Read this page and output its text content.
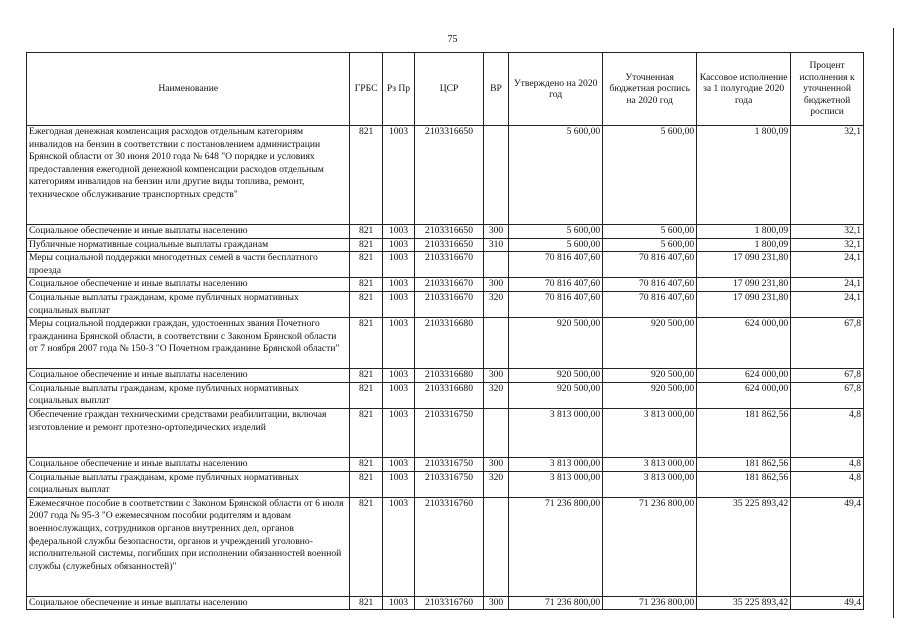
75
Наименование	ГРБС	Рз Пр	ЦСР	ВР	Утверждено на 2020 год	Уточненная бюджетная роспись на 2020 год	Кассовое исполнение за 1 полугодие 2020 года	Процент исполнения к уточненной бюджетной росписи
Ежегодная денежная компенсация расходов отдельным категориям инвалидов на бензин в соответствии с постановлением администрации Брянской области от 30 июня 2010 года № 648 "О порядке и условиях предоставления ежегодной денежной компенсации расходов отдельным категориям инвалидов на бензин или другие виды топлива, ремонт, техническое обслуживание транспортных средств"	821	1003	2103316650		5 600,00	5 600,00	1 800,09	32,1
Социальное обеспечение и иные выплаты населению	821	1003	2103316650	300	5 600,00	5 600,00	1 800,09	32,1
Публичные нормативные социальные выплаты гражданам	821	1003	2103316650	310	5 600,00	5 600,00	1 800,09	32,1
Меры социальной поддержки многодетных семей в части бесплатного проезда	821	1003	2103316670		70 816 407,60	70 816 407,60	17 090 231,80	24,1
Социальное обеспечение и иные выплаты населению	821	1003	2103316670	300	70 816 407,60	70 816 407,60	17 090 231,80	24,1
Социальные выплаты гражданам, кроме публичных нормативных социальных выплат	821	1003	2103316670	320	70 816 407,60	70 816 407,60	17 090 231,80	24,1
Меры социальной поддержки граждан, удостоенных звания Почетного гражданина Брянской области, в соответствии с Законом Брянской области от 7 ноября 2007 года № 150-З "О Почетном гражданине Брянской области"	821	1003	2103316680		920 500,00	920 500,00	624 000,00	67,8
Социальное обеспечение и иные выплаты населению	821	1003	2103316680	300	920 500,00	920 500,00	624 000,00	67,8
Социальные выплаты гражданам, кроме публичных нормативных социальных выплат	821	1003	2103316680	320	920 500,00	920 500,00	624 000,00	67,8
Обеспечение граждан техническими средствами реабилитации, включая изготовление и ремонт протезно-ортопедических изделий	821	1003	2103316750		3 813 000,00	3 813 000,00	181 862,56	4,8
Социальное обеспечение и иные выплаты населению	821	1003	2103316750	300	3 813 000,00	3 813 000,00	181 862,56	4,8
Социальные выплаты гражданам, кроме публичных нормативных социальных выплат	821	1003	2103316750	320	3 813 000,00	3 813 000,00	181 862,56	4,8
Ежемесячное пособие в соответствии с Законом Брянской области от 6 июля 2007 года № 95-З "О ежемесячном пособии родителям и вдовам военнослужащих, сотрудников органов внутренних дел, органов федеральной службы безопасности, органов и учреждений уголовно-исполнительной системы, погибших при исполнении обязанностей военной службы (служебных обязанностей)"	821	1003	2103316760		71 236 800,00	71 236 800,00	35 225 893,42	49,4
Социальное обеспечение и иные выплаты населению	821	1003	2103316760	300	71 236 800,00	71 236 800,00	35 225 893,42	49,4
